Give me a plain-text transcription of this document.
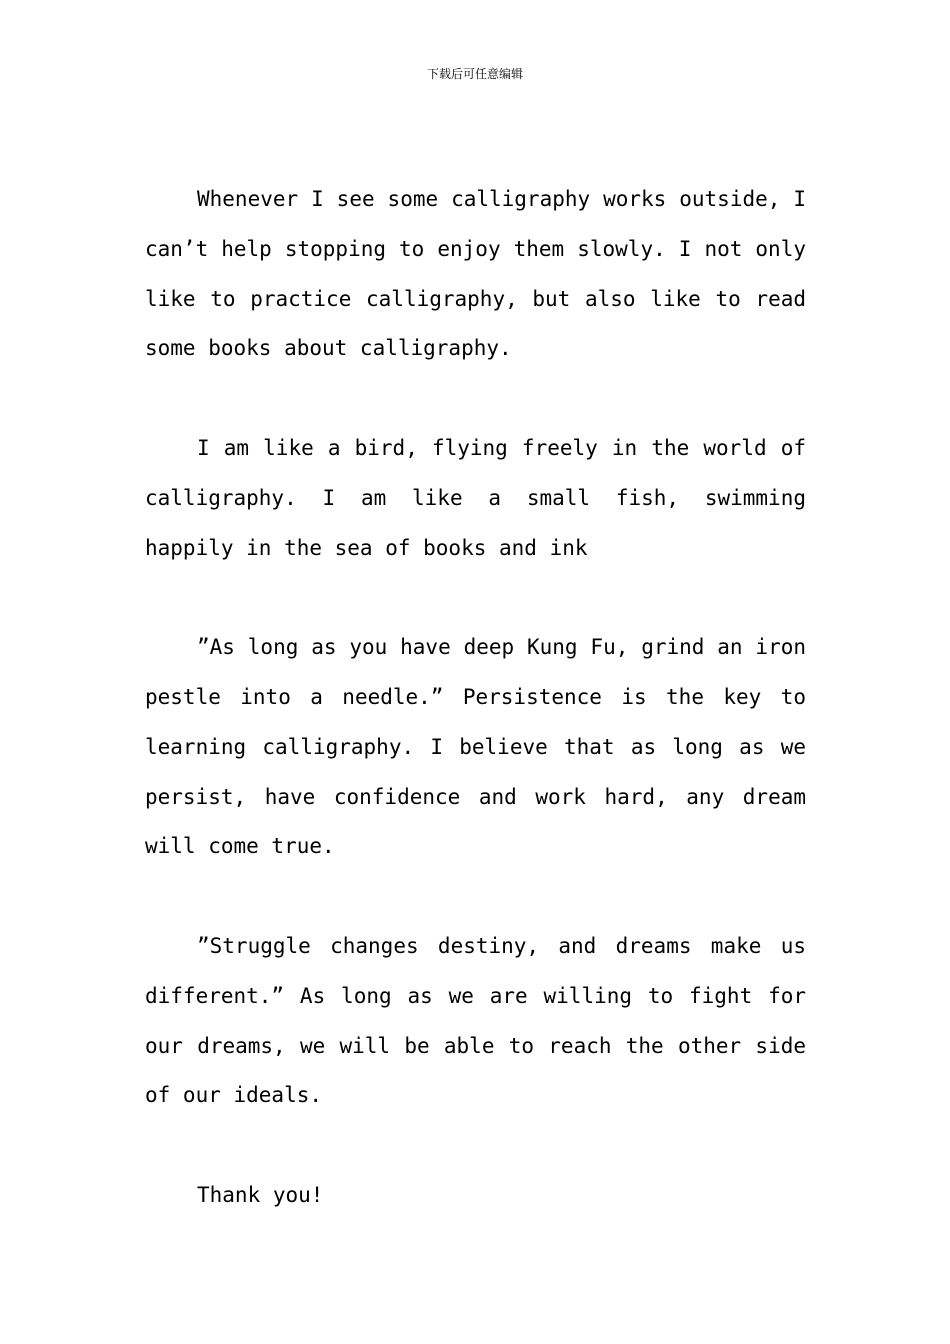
下载后可任意编辑

Whenever I see some calligraphy works outside, I can’t help stopping to enjoy them slowly. I not only like to practice calligraphy, but also like to read some books about calligraphy.

I am like a bird, flying freely in the world of calligraphy. I am like a small fish, swimming happily in the sea of books and ink

”As long as you have deep Kung Fu, grind an iron pestle into a needle.” Persistence is the key to learning calligraphy. I believe that as long as we persist, have confidence and work hard, any dream will come true.

”Struggle changes destiny, and dreams make us different.” As long as we are willing to fight for our dreams, we will be able to reach the other side of our ideals.

Thank you!
